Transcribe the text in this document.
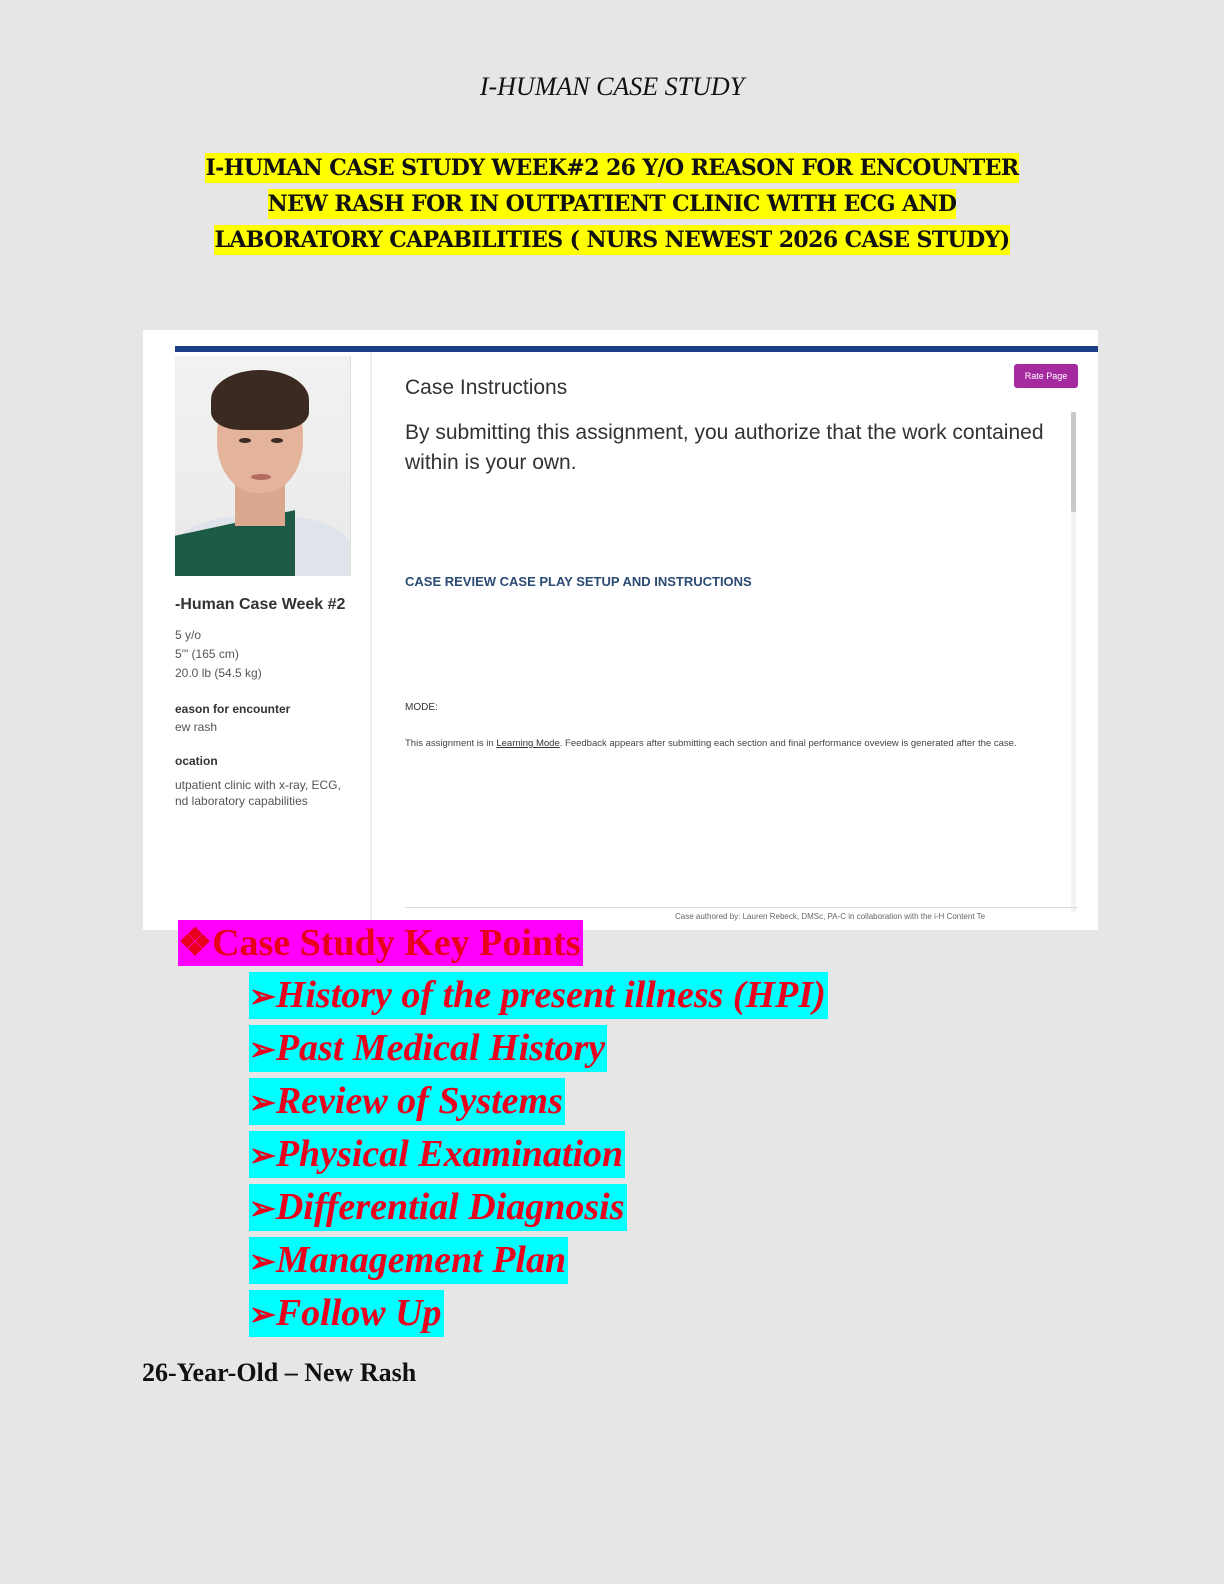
I-HUMAN CASE STUDY
I-HUMAN CASE STUDY WEEK#2 26 Y/O REASON FOR ENCOUNTER
NEW RASH FOR IN OUTPATIENT CLINIC WITH ECG AND
LABORATORY CAPABILITIES ( NURS NEWEST 2026 CASE STUDY)
-Human Case Week #2
5 y/o
5'" (165 cm)
20.0 lb (54.5 kg)
eason for encounter
ew rash
ocation
utpatient clinic with x-ray, ECG,
nd laboratory capabilities
Case Instructions	Rate Page
By submitting this assignment, you authorize that the work contained within is your own.
CASE REVIEW CASE PLAY SETUP AND INSTRUCTIONS
MODE:
This assignment is in Learning Mode. Feedback appears after submitting each section and final performance oveview is generated after the case.
Case authored by: Lauren Rebeck, DMSc, PA-C in collaboration with the i-H Content Te
❖Case Study Key Points
➢History of the present illness (HPI)
➢Past Medical History
➢Review of Systems
➢Physical Examination
➢Differential Diagnosis
➢Management Plan
➢Follow Up
26-Year-Old – New Rash
